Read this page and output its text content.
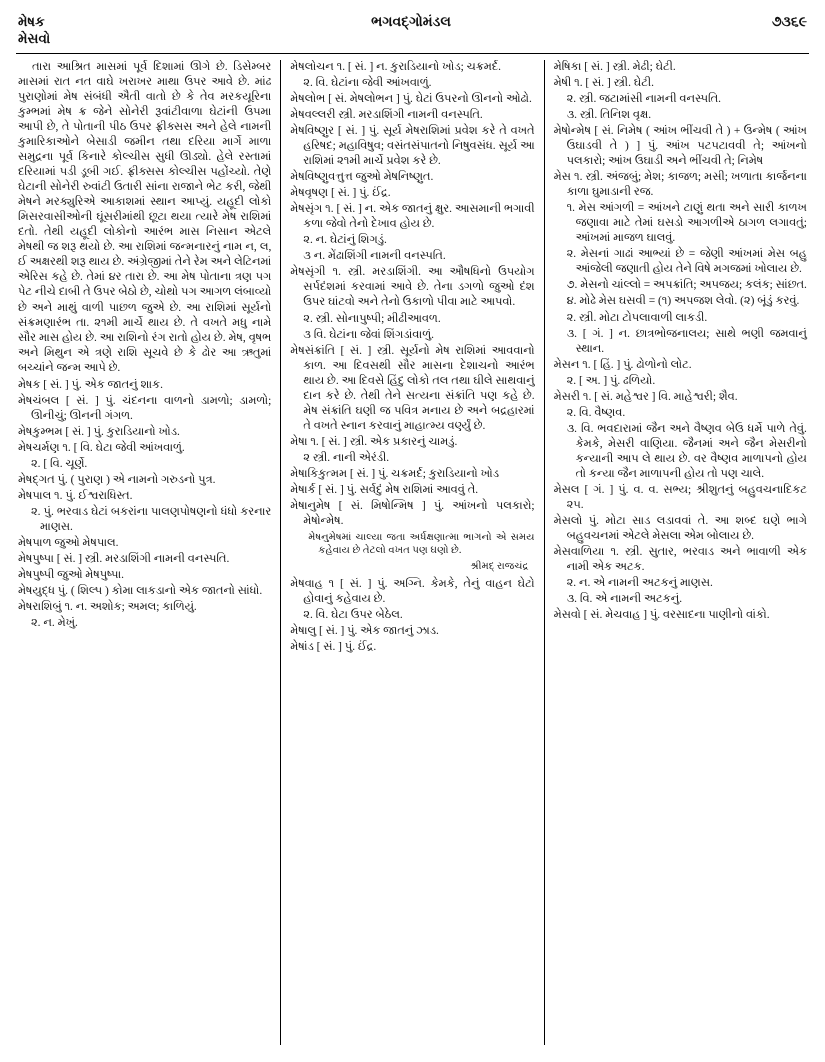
મેષક
મેસવો
ભગવદ્ગોમંડલ	૭૩૬૯

તારા આશ્રિત માસમાં પૂર્વ દિશામાં ઊગે છે. ડિસેમ્બર માસમાં રાત નત વાઘે ખરાખર માથા ઉપર આવે છે. માંઢ પુરાણોમાં મેષ સંબંધી ઐતી વાતો છે કે તેવ મરકયૂરિના કુમ્ભમાં મેષ ક્ર જેને સોનેરી રૂવાંટીવાળા ઘેટાંની ઉપમા આપી છે, તે પોતાની પીઠ ઉપર ફ્રીક્સસ અને હેલે નામની કુમારિકાઓને બેસાડી જમીન તથા દરિયા માર્ગે માળા સમુદ્રના પૂર્વ કિનારે કોલ્ચીસ સુધી ઊડ્યો. હેલે રસ્તામાં દરિયામાં પડી ડૂબી ગઈ. ફ્રીક્સસ કોલ્ચીસ પહોંચ્યો. તેણે ઘેટાની સોનેરી રુવાંટી ઉતારી સાંના રાજાને ભેટ કરી, જેથી મેષને મરક્યુરિએ આકાશમાં સ્થાન આપ્યું. યહૂદી લોકો મિસરવાસીઓની ઘૂંસરીમાંથી છૂટા થયા ત્યારે મેષ રાશિમાં દતો. તેથી યહૂદી લોકોનો આરંભ માસ નિસાન એટલે મેષથી જ શરૂ થયો છે. આ રાશિમાં જન્મનારનું નામ ન, લ, ઈ અક્ષરથી શરૂ થાય છે. અંગ્રેજીમાં તેને રેમ અને લેટિનમાં એરિસ કહે છે. તેમાં ૪ર તારા છે. આ મેષ પોતાના ત્રણ પગ પેટ નીચે દાબી તે ઉપર બેઠો છે, ચોથો પગ આગળ લંબાવ્યો છે અને માથું વાળી પાછળ જુએ છે. આ રાશિમાં સૂર્યનો સંક્રમણારંભ તા. ૨૧મી માર્ચે થાય છે. તે વખતે મધુ નામે સૌર માસ હોય છે. આ રાશિનો રંગ રાતો હોય છે. મેષ, વૃષભ અને મિથુન એ ત્રણે રાશિ સૂચવે છે કે ઢોર આ ઋતુમાં બચ્ચાંને જન્મ આપે છે.

મેષક [ સં. ] પું. એક જાતનું શાક.

મેષચંબલ [ સં. ] પું. ચંદનના વાળનો ડામળો; ડામળો; ઊનીચું; ઊનની ગંગળ.

મેષકુમ્ભમ [ સં. ] પું. કુરાડિયાનો ખોડ.

મેષચર્મણ ૧. [ વિ. ઘેટા જેવી આંખવાળું.

૨. [ વિ. ચૂર્ણે.

મેષદ્ગત પું. ( પુરાણ ) એ નામનો ગરુડનો પુત્ર.

મેષપાલ ૧. પું. ઈશ્વરાધિસ્ત.

૨. પું. ભરવાડ ઘેટાં બકરાંના પાલણપોષણનો ધંધો કરનાર માણસ.

મેષપાળ જુઓ મેષપાલ.

મેષપુષ્પા [ સં. ] સ્ત્રી. મરડાશિંગી નામની વનસ્પતિ.

મેષપુષ્પી જુઓ મેષપુષ્પા.

મેષયુદ્ધ પું. ( શિલ્પ ) કોમા લાકડાનો એક જાતનો સાંધો.

મેષરાશિબું ૧. ન. અશોક; અમલ; કાળિયું.

૨. ન. મેખું.

મેષલોચન ૧. [ સં. ] ન. કુરાડિયાનો ખોડ; ચક્રમર્દ.

૨. વિ. ઘેટાંના જેવી આંખવાળું.

મેષલોભ [ સં. મેષલોભન ] પું. ઘેટાં ઉપરનો ઊનનો ઓઢો.

મેષવલ્લરી સ્ત્રી. મરડાશિંગી નામની વનસ્પતિ.

મેષવિષ્ણુર [ સં. ] પું. સૂર્ય મેષરાશિમાં પ્રવેશ કરે તે વખતે હરિષદ; મહાવિષુવ; વસંતસંપાતનો નિષુવસંધ. સૂર્ય આ રાશિમાં ૨૧મી માર્ચે પ્રવેશ કરે છે.

મેષવિષ્ણુવત્તુત્ત જુઓ મેષનિષ્ણુત.

મેષવૃષણ [ સં. ] પું. ઈંદ્ર.

મેષસૃંગ ૧. [ સં. ] ન. એક જાતનું ક્ષુર. આસમાની ભગાવી કળા જેવો તેનો દેખાવ હોય છે.

૨. ન. ઘેટાંનું શિગડું.

૩ ન. મેંઢાશિંગી નામની વનસ્પતિ.

મેષસૃંગી ૧. સ્ત્રી. મરડાશિંગી. આ ઔષધિનો ઉપયોગ સર્પદંશમાં કરવામાં આવે છે. તેના ડગળો જુઓ દંશ ઉપર ઘાંટવો અને તેનો ઉકાળો પીવા માટે આપવો.

૨. સ્ત્રી. સોનાપુષ્પી; મીઢીઆવળ.

૩ વિ. ઘેટાંના જેવાં શિંગડાંવાળું.

મેષસંક્રાંતિ [ સં. ] સ્ત્રી. સૂર્યનો મેષ રાશિમાં આવવાનો કાળ. આ દિવસથી સૌર માસના દેશાચનો આરંભ થાય છે. આ દિવસે હિંદુ લોકો તલ તથા ઘીલે સાથવાનું દાન કરે છે. તેથી તેને સત્યના સંક્રાંતિ પણ કહે છે. મેષ સંક્રાંતિ ઘણી જ પવિત્ર મનાય છે અને બદ્રહારમાં તે વખતે સ્નાન કરવાનું માહાત્મ્ય વર્ણ્યું છે.

મેષા ૧. [ સં. ] સ્ત્રી. એક પ્રકારનું ચામડું.

૨ સ્ત્રી. નાની એરંડી.

મેષાકિકુત્મમ [ સં. ] પું. ચક્રમર્દ; કુરાડિયાનો ખોડ

મેષાર્ક [ સં. ] પું. સર્વદું મેષ રાશિમાં આવવું તે.

મેષાનુમેષ [ સં. મિષોન્મિષ ] પું. આંખનો પલકારો; મેષોન્મેષ.

મેષનુમેષમાં ચાલ્યા જતા અર્ધક્ષણાત્મા ભાગનો એ સમય કહેવાય છે તેટલો વખત પણ ઘણો છે.

શ્રીમદ્ રાજચંદ્ર

મેષવાહ ૧ [ સં. ] પું. અગ્નિ. કેમકે, તેનું વાહન ઘેટો હોવાનું કહેવાય છે.

૨. વિ. ઘેટા ઉપર બેઠેલ.

મેષાલુ [ સં. ] પું. એક જાતનું ઝાડ.

મેષાંડ [ સં. ] પું. ઈંદ્ર.

મેષિકા [ સં. ] સ્ત્રી. મેઢી; ઘેટી.

મેષી ૧. [ સં. ] સ્ત્રી. ઘેટી.

૨. સ્ત્રી. જટામાંસી નામની વનસ્પતિ.

૩. સ્ત્રી. તિનિશ વૃક્ષ.

મેષોન્મેષ [ સં. નિમેષ ( આંખ ભીંચવી તે ) + ઉન્મેષ ( આંખ ઉઘાડવી તે ) ] પું. આંખ પટપટાવવી તે; આંખનો પલકારો; આંખ ઉઘાડી અને ભીંચવી તે; નિમેષ

મેસ ૧. સ્ત્રી. અંજબું; મેશ; કાજળ; મસી; ખળાતા કાર્જનના કાળા ઘુમાડાની રજ.

૧. મેસ આંગળી = આંખને ટાણું થતા અને સારી કાળખ જણાવા માટે તેમાં ઘસડો આગળીએ ઠાગળ લગાવતું; આંખમાં માજળ ઘાલવું.

૨. મેસનાં ગાઢાં આભ્યાં છે = જેણી આંખમાં મેસ બહુ આંજેલી જણાતી હોય તેને વિષે મગજમાં ખોલાય છે.

૭. મેસનો ચાંલ્લો = અપક્રાંતિ; અપજય; કલંક; સાંછત.

૪. મોઢે મેસ ઘસવી = (૧) અપજશ લેવો. (૨) બૂંડું કરવું.

૨. સ્ત્રી. મોટા ટોપલાવાળી લાકડી.

૩. [ ગં. ] ન. છાત્રભોજનાલય; સાથે ભણી જમવાનું સ્થાન.

મેસન ૧. [ હિં. ] પું. ઢોળોનો લોટ.

૨. [ અ. ] પું. ઢળિયો.

મેસરી ૧. [ સં. મહેશ્વર ] વિ. માહેશ્વરી; શૈવ.

૨. વિ. વૈષ્ણવ.

૩. વિ. ભવદારામાં જૈન અને વૈષ્ણવ બેઉ ધર્મે પાળે તેવું. કેમકે, મેસરી વાણિયા. જૈનમાં અને જૈન મેસરીનો કન્યાની આપ લે થાય છે. વર વૈષ્ણવ માળાપનો હોય તો કન્યા જૈન માળાપની હોય તો પણ ચાલે.

મેસલ [ ગં. ] પું. વ. વ. સભ્ય; શ્રીશુતનું બહુવચનાદિકટ ૨૫.

મેસલો પું. મોટા સાડ લડાવવાં તે. આ શબ્દ ઘણે ભાગે બહુવચનમાં એટલે મેસલા એમ બોલાય છે.

મેસવાળિયા ૧. સ્ત્રી. સુતાર, ભરવાડ અને ભાવાળી એક નામી એક અટક.

૨. ન. એ નામની અટકનું માણસ.

૩. વિ. એ નામની અટકનું.

મેસવો [ સં. મેચવાહ ] પું. વરસાદના પાણીનો વાંકો.
